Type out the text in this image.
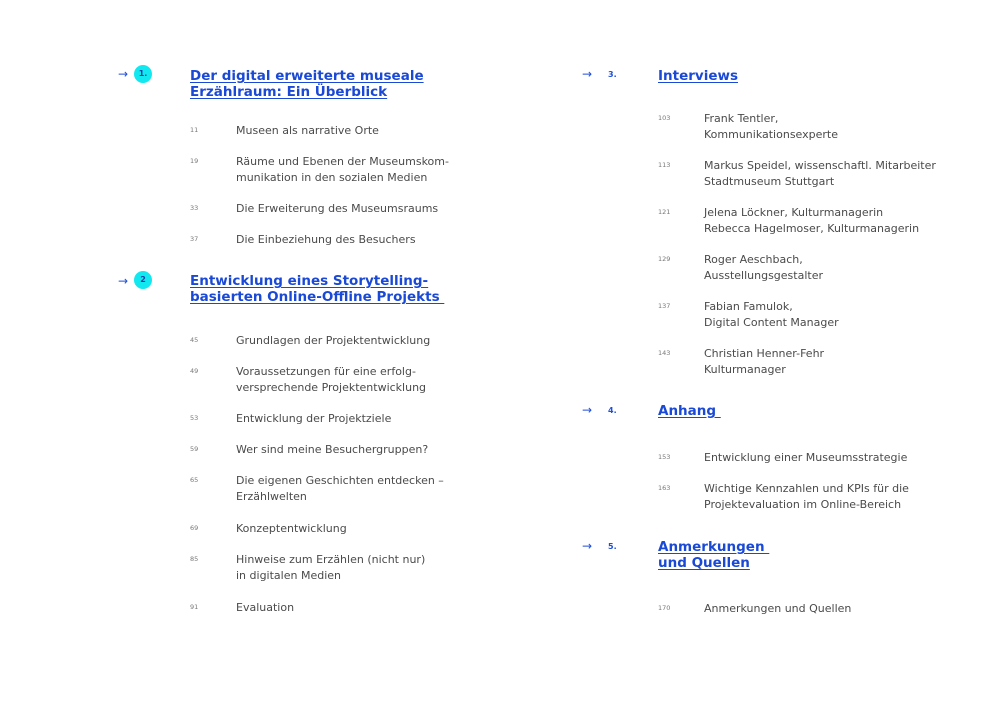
→	1.	Der digital erweiterte museale
Erzählraum: Ein Überblick
11	Museen als narrative Orte
19	Räume und Ebenen der Museumskom-
munikation in den sozialen Medien
33	Die Erweiterung des Museumsraums
37	Die Einbeziehung des Besuchers
→	2	Entwicklung eines Storytelling-
basierten Online-Offline Projekts
45	Grundlagen der Projektentwicklung
49	Voraussetzungen für eine erfolg-
versprechende Projektentwicklung
53	Entwicklung der Projektziele
59	Wer sind meine Besuchergruppen?
65	Die eigenen Geschichten entdecken –
Erzählwelten
69	Konzeptentwicklung
85	Hinweise zum Erzählen (nicht nur)
in digitalen Medien
91	Evaluation
→ 3.	Interviews
103	Frank Tentler,
Kommunikationsexperte
113	Markus Speidel, wissenschaftl. Mitarbeiter
Stadtmuseum Stuttgart
121	Jelena Löckner, Kulturmanagerin
Rebecca Hagelmoser, Kulturmanagerin
129	Roger Aeschbach,
Ausstellungsgestalter
137	Fabian Famulok,
Digital Content Manager
143	Christian Henner-Fehr
Kulturmanager
→ 4.	Anhang
153	Entwicklung einer Museumsstrategie
163	Wichtige Kennzahlen und KPIs für die
Projektevaluation im Online-Bereich
→ 5.	Anmerkungen
und Quellen
170	Anmerkungen und Quellen
